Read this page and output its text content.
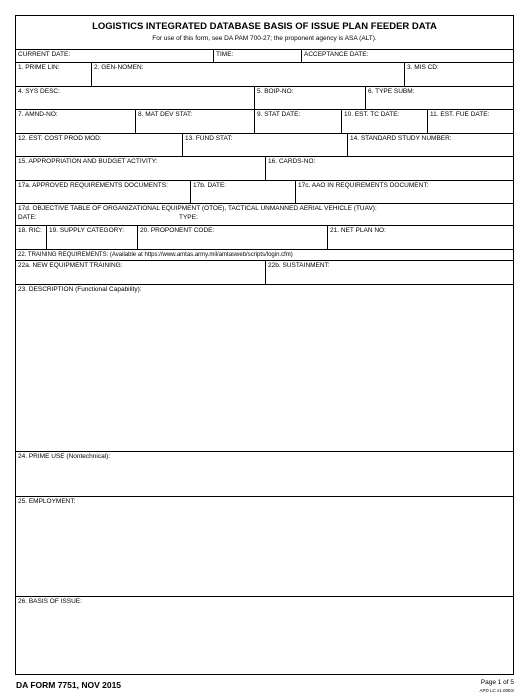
LOGISTICS INTEGRATED DATABASE BASIS OF ISSUE PLAN FEEDER DATA
For use of this form, see DA PAM 700-27; the proponent agency is ASA (ALT).
CURRENT DATE:	TIME:	ACCEPTANCE DATE:
1. PRIME LIN:	2. GEN-NOMEN:	3. MIS CD:
4. SYS DESC:	5. BOIP-NO:	6. TYPE SUBM:
7. AMND-NO:	8. MAT DEV STAT:	9. STAT DATE:	10. EST. TC DATE:	11. EST. FUE DATE:
12. EST. COST PROD MOD:	13. FUND STAT:	14. STANDARD STUDY NUMBER:
15. APPROPRIATION AND BUDGET ACTIVITY:	16. CARDS-NO:
17a. APPROVED REQUIREMENTS DOCUMENTS:	17b. DATE:	17c. AAO IN REQUIREMENTS DOCUMENT:
17d. OBJECTIVE TABLE OF ORGANIZATIONAL EQUIPMENT (OTOE), TACTICAL UNMANNED AERIAL VEHICLE (TUAV):
DATE:	TYPE:
18. RIC: 19. SUPPLY CATEGORY: 20. PROPONENT CODE:	21. NET PLAN NO:
22. TRAINING REQUIREMENTS: (Available at https://www.amtas.army.mil/amtasweb/scripts/login.cfm)
22a. NEW EQUIPMENT TRAINING:	22b. SUSTAINMENT:
23. DESCRIPTION (Functional Capability):
24. PRIME USE (Nontechnical):
25. EMPLOYMENT:
26. BASIS OF ISSUE:
DA FORM 7751, NOV 2015	Page 1 of 5
APD LC v1.00ES
